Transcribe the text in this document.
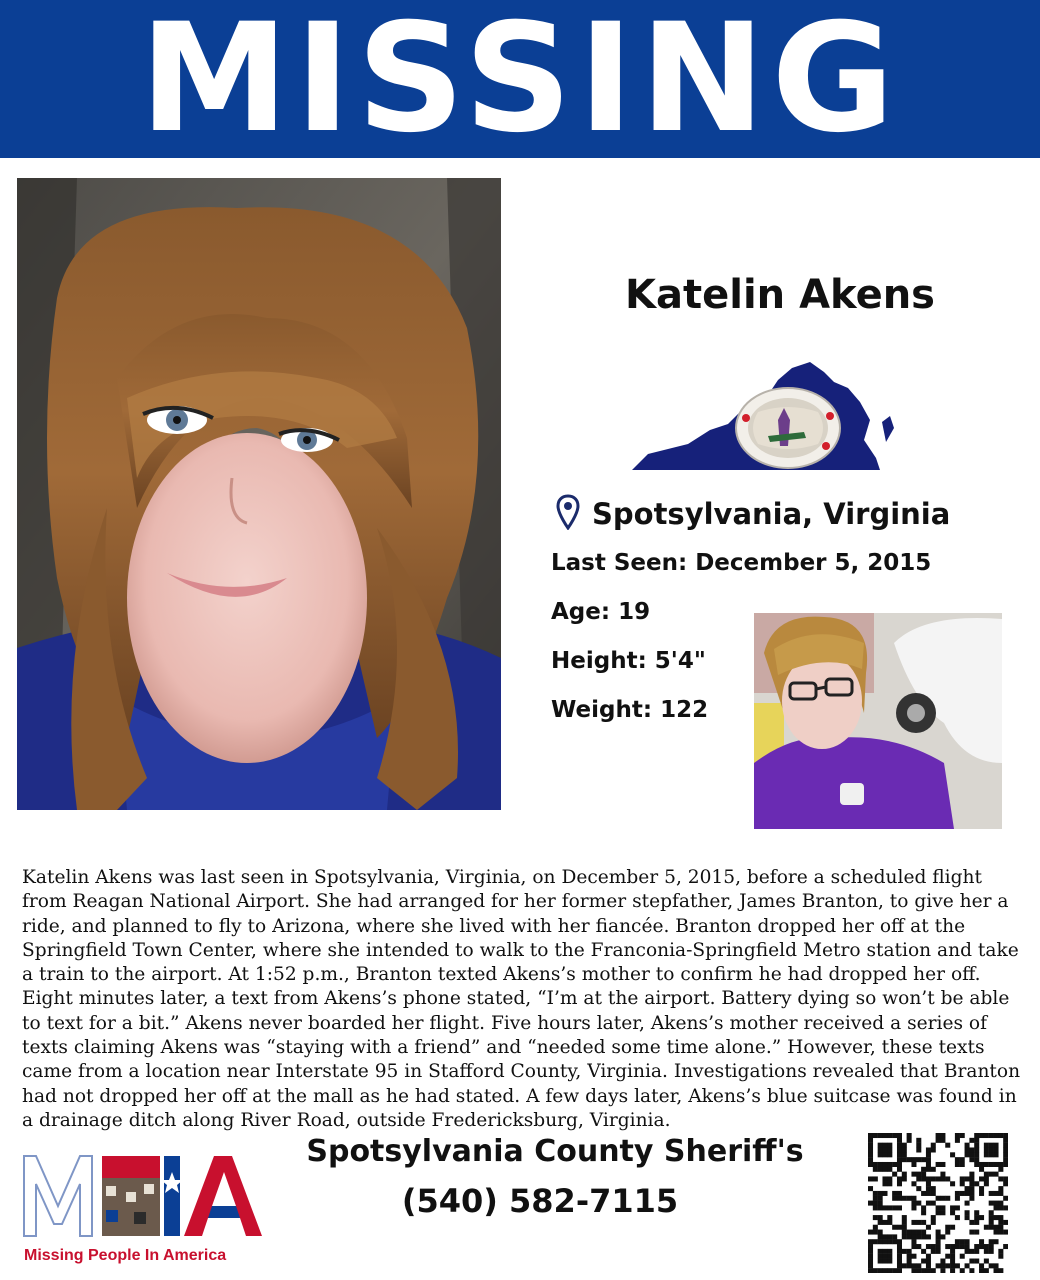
MISSING
Katelin Akens
Spotsylvania, Virginia
Last Seen: December 5, 2015
Age: 19
Height: 5'4"
Weight: 122
Katelin Akens was last seen in Spotsylvania, Virginia, on December 5, 2015, before a scheduled flight from Reagan National Airport. She had arranged for her former stepfather, James Branton, to give her a ride, and planned to fly to Arizona, where she lived with her fiancée. Branton dropped her off at the Springfield Town Center, where she intended to walk to the Franconia-Springfield Metro station and take a train to the airport. At 1:52 p.m., Branton texted Akens’s mother to confirm he had dropped her off. Eight minutes later, a text from Akens’s phone stated, “I’m at the airport. Battery dying so won’t be able to text for a bit.” Akens never boarded her flight. Five hours later, Akens’s mother received a series of texts claiming Akens was “staying with a friend” and “needed some time alone.” However, these texts came from a location near Interstate 95 in Stafford County, Virginia. Investigations revealed that Branton had not dropped her off at the mall as he had stated. A few days later, Akens’s blue suitcase was found in a drainage ditch along River Road, outside Fredericksburg, Virginia.
Missing People In America
Spotsylvania County Sheriff's
(540) 582-7115
